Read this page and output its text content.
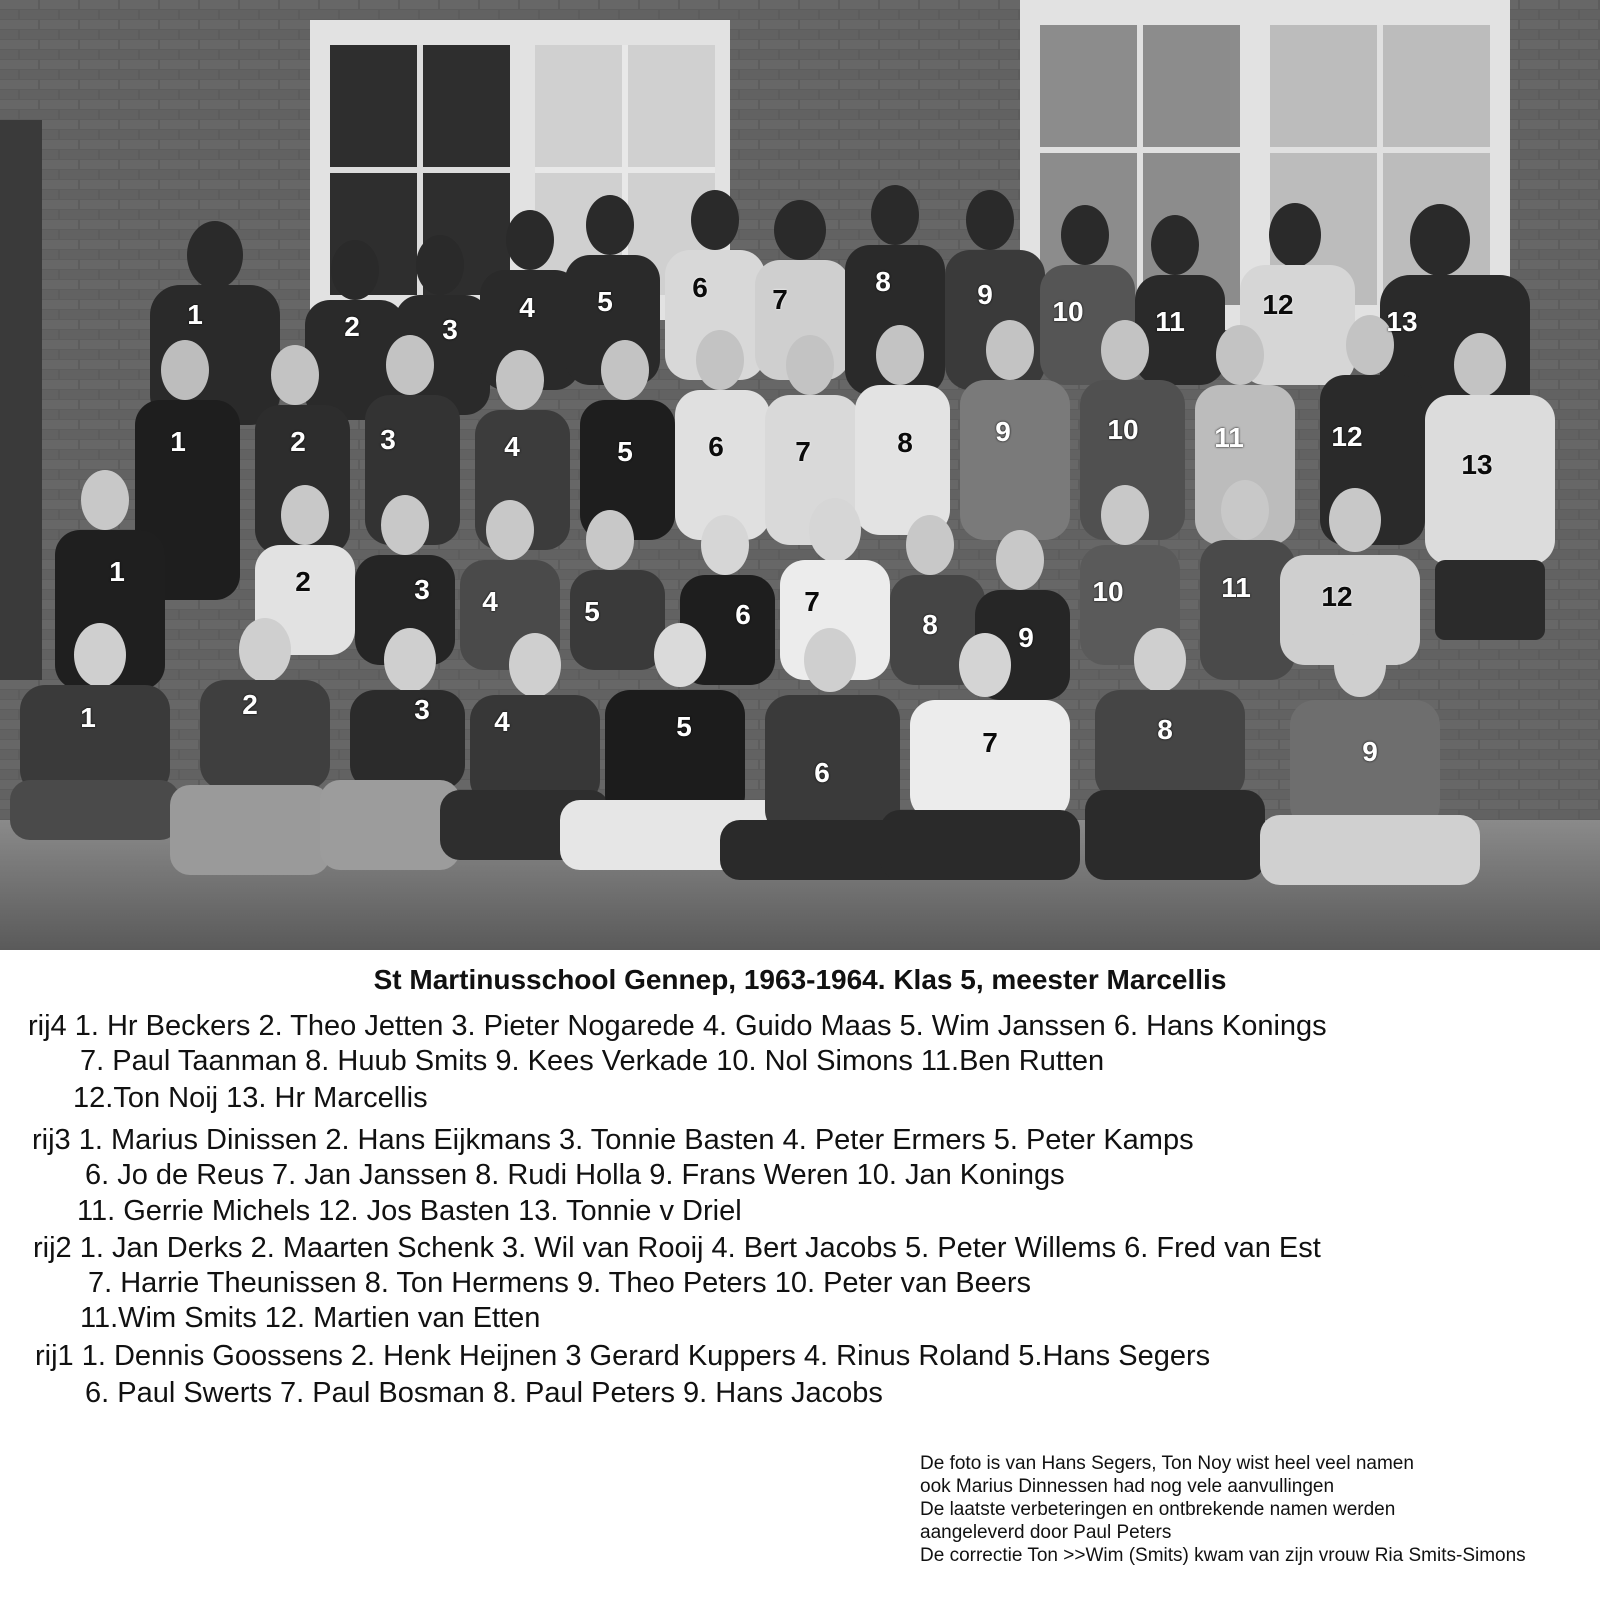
1	2	3
4 5	6 7
8	9
10	11
12
13
1	2	3	4	5	6	7	8	9	10	11	12
13
1	2	3 4	5	6 7
8	9
10	11	12
1	2	3 4	5
6
7	8
9
St Martinusschool Gennep, 1963-1964. Klas 5, meester Marcellis
rij4 1. Hr Beckers 2. Theo Jetten 3. Pieter Nogarede 4. Guido Maas 5. Wim Janssen 6. Hans Konings
7. Paul Taanman 8. Huub Smits 9. Kees Verkade 10. Nol Simons 11.Ben Rutten
12.Ton Noij 13. Hr Marcellis
rij3 1. Marius Dinissen 2. Hans Eijkmans 3. Tonnie Basten 4. Peter Ermers 5. Peter Kamps
6. Jo de Reus 7. Jan Janssen 8. Rudi Holla 9. Frans Weren 10. Jan Konings
11. Gerrie Michels 12. Jos Basten 13. Tonnie v Driel
rij2 1. Jan Derks 2. Maarten Schenk 3. Wil van Rooij 4. Bert Jacobs 5. Peter Willems 6. Fred van Est
7. Harrie Theunissen 8. Ton Hermens 9. Theo Peters 10. Peter van Beers
11.Wim Smits 12. Martien van Etten
rij1 1. Dennis Goossens 2. Henk Heijnen 3 Gerard Kuppers 4. Rinus Roland 5.Hans Segers
6. Paul Swerts 7. Paul Bosman 8. Paul Peters 9. Hans Jacobs
De foto is van Hans Segers, Ton Noy wist heel veel namen
ook Marius Dinnessen had nog vele aanvullingen
De laatste verbeteringen en ontbrekende namen werden
aangeleverd door Paul Peters
De correctie Ton >>Wim (Smits) kwam van zijn vrouw Ria Smits-Simons
